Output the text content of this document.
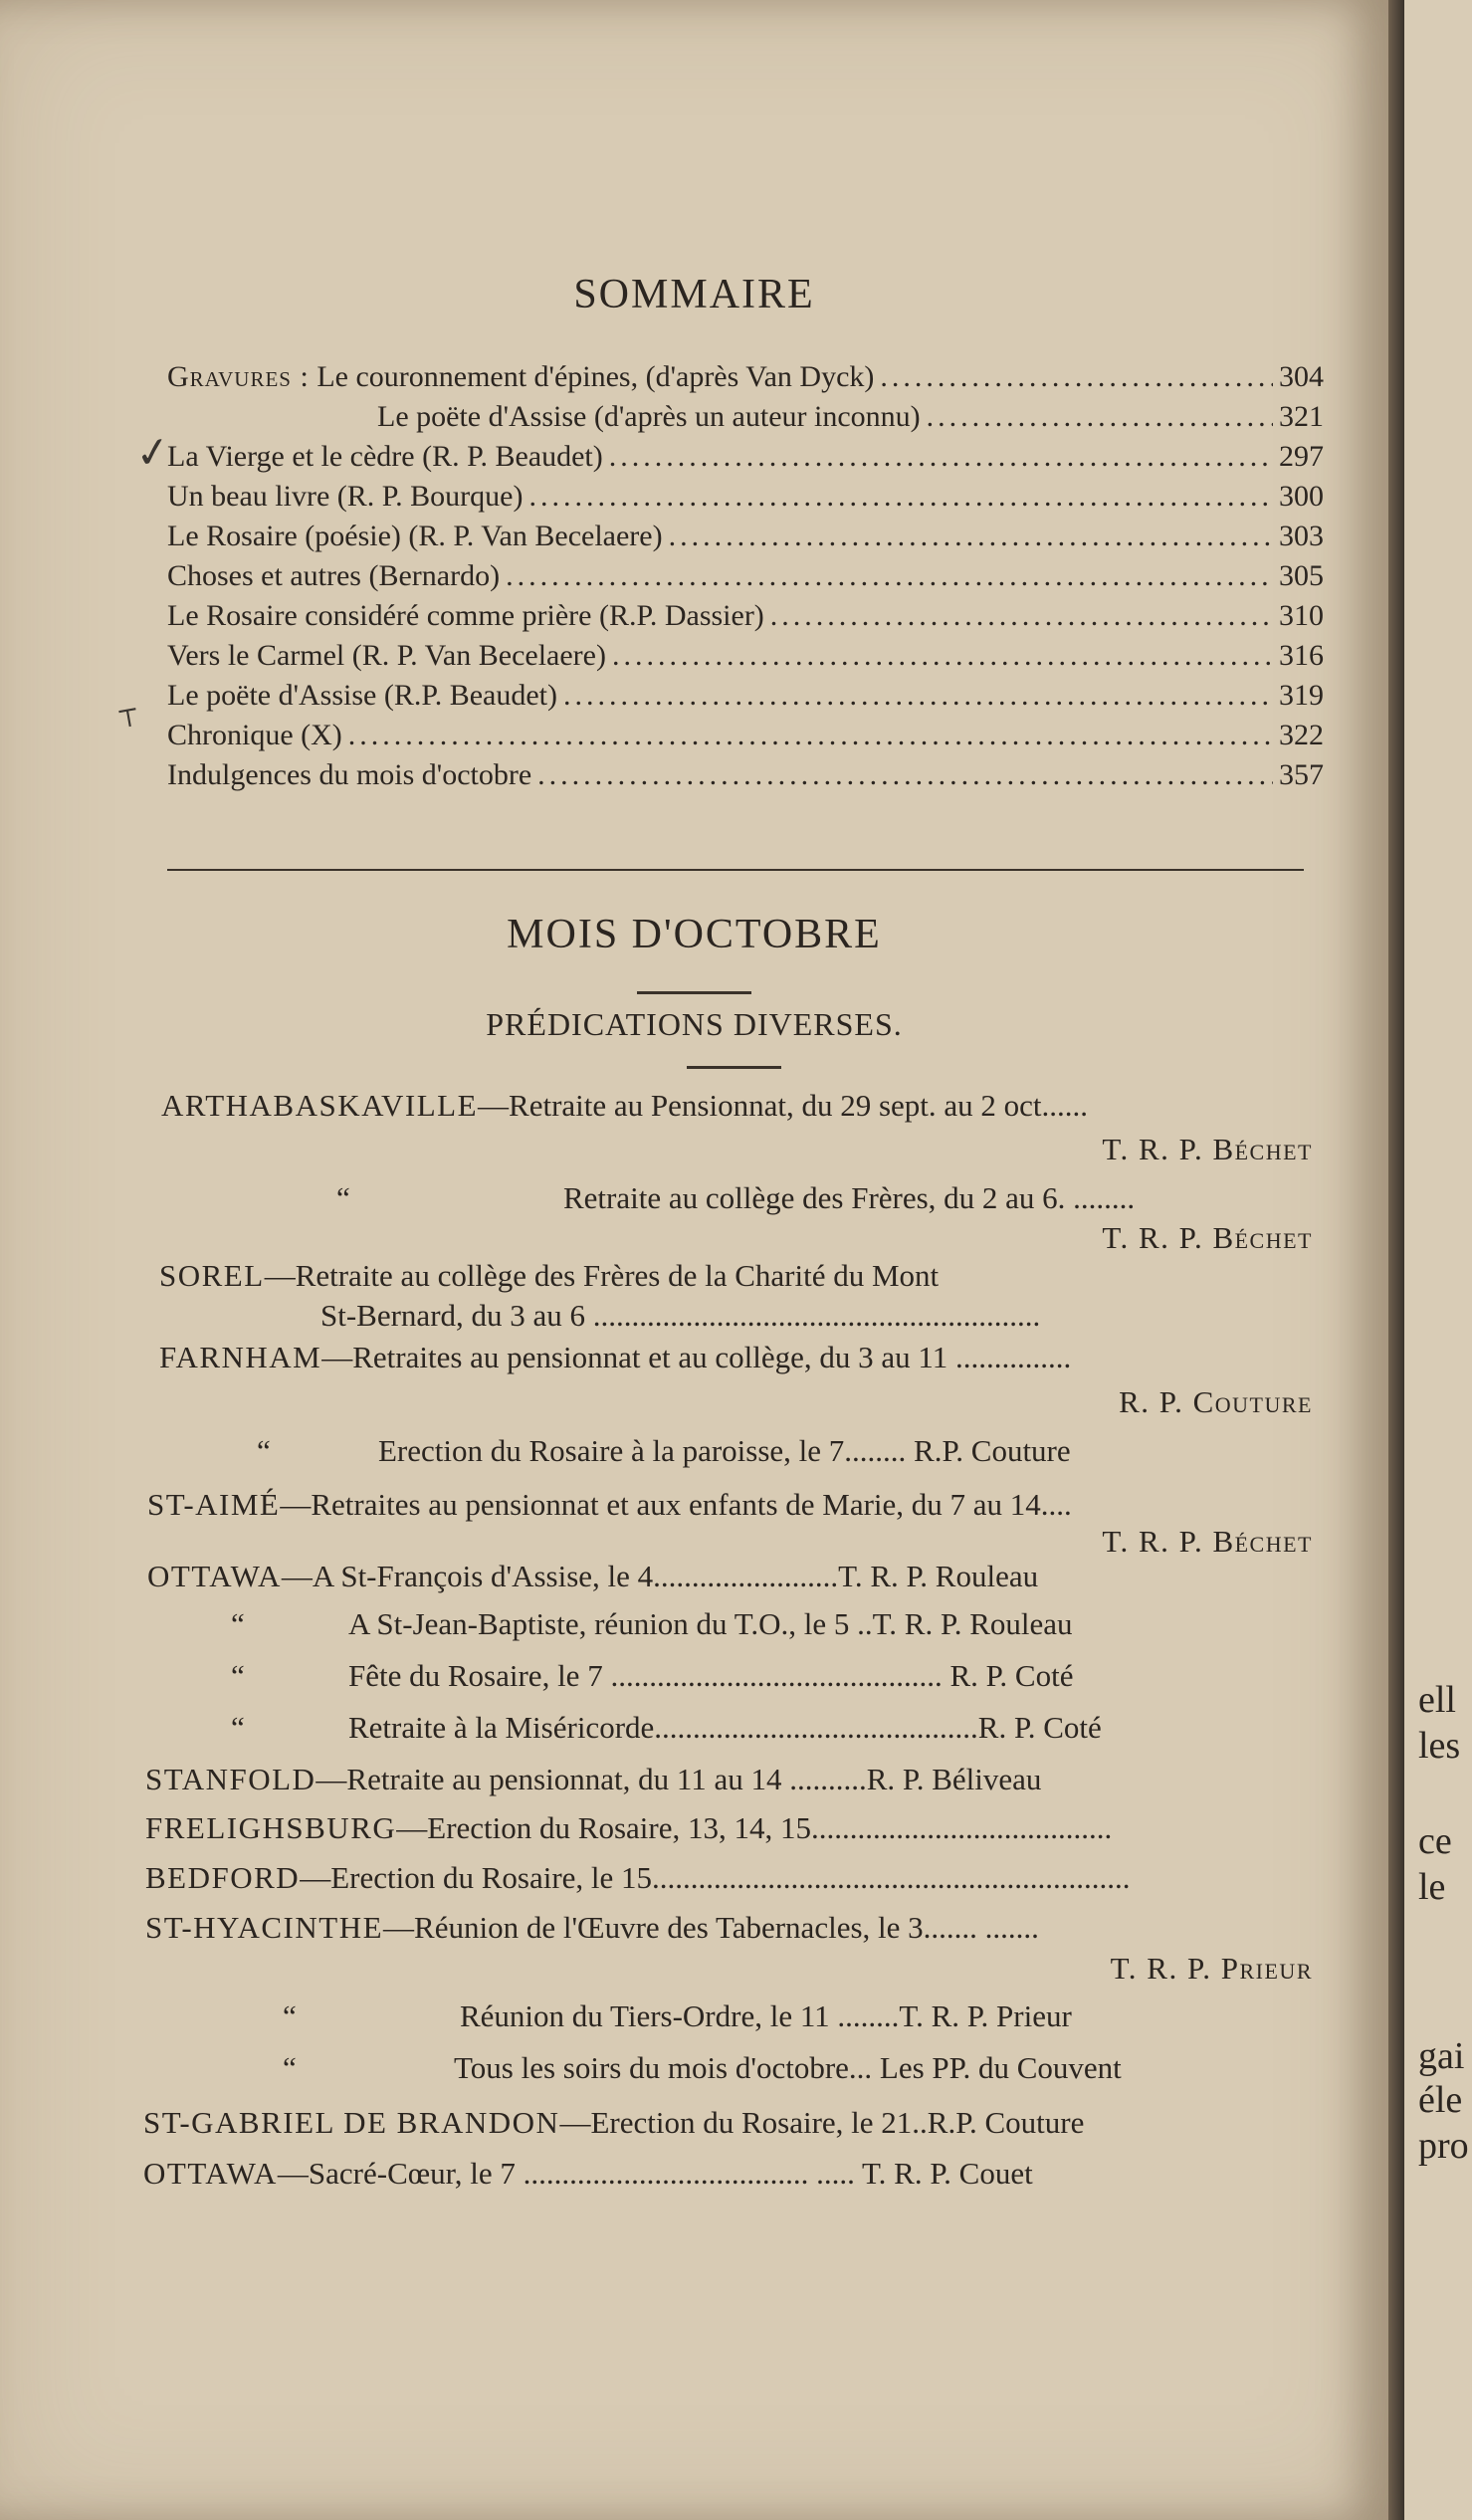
SOMMAIRE
Gravures :
Le couronnement d'épines, (d'après Van Dyck) .....	304
Le poëte d'Assise (d'après un auteur inconnu) .....	321
La Vierge et le cèdre (R. P. Beaudet) .....	297
Un beau livre (R. P. Bourque) .....	300
Le Rosaire (poésie) (R. P. Van Becelaere) .....	303
Choses et autres (Bernardo) .....	305
Le Rosaire considéré comme prière (R.P. Dassier) .....	310
Vers le Carmel (R. P. Van Becelaere) .....	316
Le poëte d'Assise (R.P. Beaudet) .....	319
Chronique (X) .....	322
Indulgences du mois d'octobre .....	357
✓
⸆
MOIS D'OCTOBRE
PRÉDICATIONS DIVERSES.
ARTHABASKAVILLE—Retraite au Pensionnat, du 29 sept. au 2 oct......
T. R. P. Béchet
“	Retraite au collège des Frères, du 2 au 6. ........
T. R. P. Béchet
SOREL—Retraite au collège des Frères de la Charité du Mont
St-Bernard, du 3 au 6 ..........................................................
FARNHAM—Retraites au pensionnat et au collège, du 3 au 11 ...............
R. P. Couture
“	Erection du Rosaire à la paroisse, le 7........ R.P. Couture
ST-AIMÉ—Retraites au pensionnat et aux enfants de Marie, du 7 au 14....
T. R. P. Béchet
OTTAWA—A St-François d'Assise, le 4........................T. R. P. Rouleau
“	A St-Jean-Baptiste, réunion du T.O., le 5 ..T. R. P. Rouleau
“	Fête du Rosaire, le 7 ........................................... R. P. Coté
“	Retraite à la Miséricorde..........................................R. P. Coté
STANFOLD—Retraite au pensionnat, du 11 au 14 ..........R. P. Béliveau
FRELIGHSBURG—Erection du Rosaire, 13, 14, 15.......................................
BEDFORD—Erection du Rosaire, le 15..............................................................
ST-HYACINTHE—Réunion de l'Œuvre des Tabernacles, le 3....... .......
T. R. P. Prieur
“	Réunion du Tiers-Ordre, le 11 ........T. R. P. Prieur
“	Tous les soirs du mois d'octobre... Les PP. du Couvent
ST-GABRIEL DE BRANDON—Erection du Rosaire, le 21..R.P. Couture
OTTAWA—Sacré-Cœur, le 7 ..................................... ..... T. R. P. Couet
ell
les
ce
le
gai
éle
pro
